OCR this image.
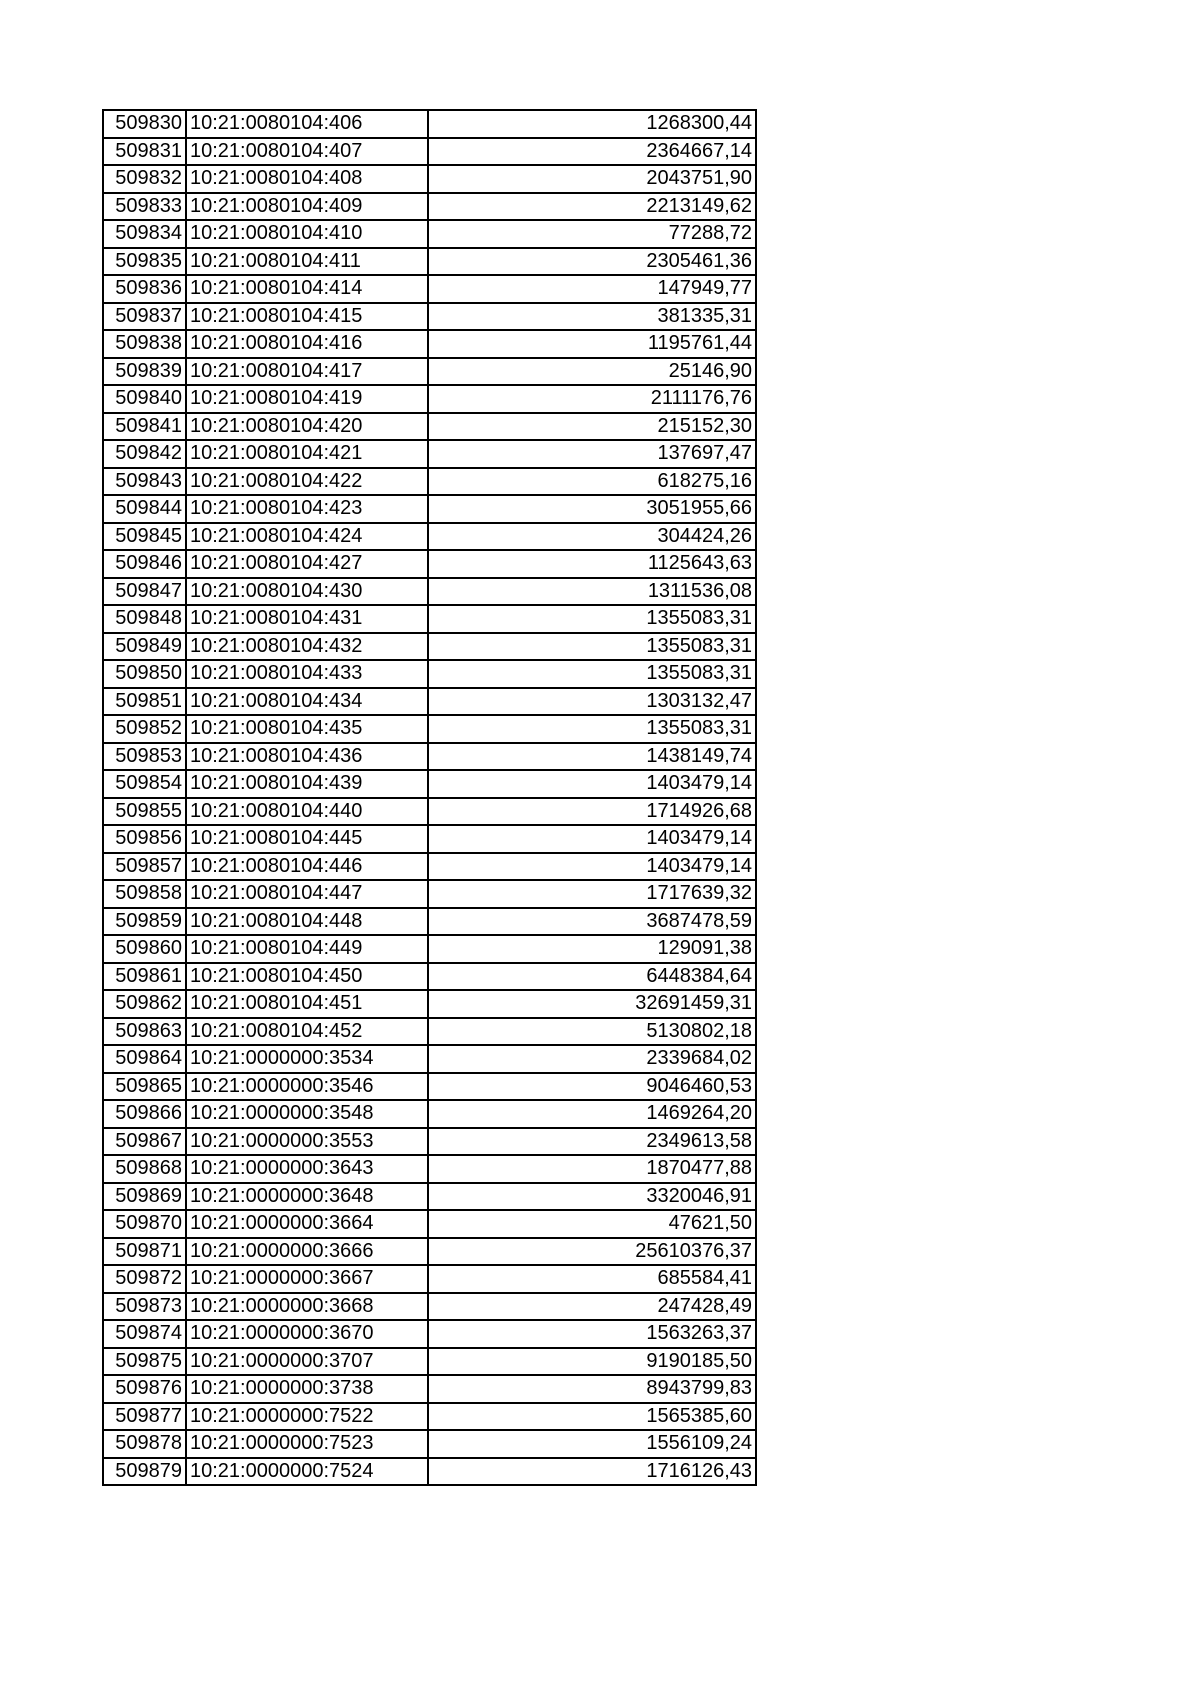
509830	10:21:0080104:406	1268300,44
509831	10:21:0080104:407	2364667,14
509832	10:21:0080104:408	2043751,90
509833	10:21:0080104:409	2213149,62
509834	10:21:0080104:410	77288,72
509835	10:21:0080104:411	2305461,36
509836	10:21:0080104:414	147949,77
509837	10:21:0080104:415	381335,31
509838	10:21:0080104:416	1195761,44
509839	10:21:0080104:417	25146,90
509840	10:21:0080104:419	2111176,76
509841	10:21:0080104:420	215152,30
509842	10:21:0080104:421	137697,47
509843	10:21:0080104:422	618275,16
509844	10:21:0080104:423	3051955,66
509845	10:21:0080104:424	304424,26
509846	10:21:0080104:427	1125643,63
509847	10:21:0080104:430	1311536,08
509848	10:21:0080104:431	1355083,31
509849	10:21:0080104:432	1355083,31
509850	10:21:0080104:433	1355083,31
509851	10:21:0080104:434	1303132,47
509852	10:21:0080104:435	1355083,31
509853	10:21:0080104:436	1438149,74
509854	10:21:0080104:439	1403479,14
509855	10:21:0080104:440	1714926,68
509856	10:21:0080104:445	1403479,14
509857	10:21:0080104:446	1403479,14
509858	10:21:0080104:447	1717639,32
509859	10:21:0080104:448	3687478,59
509860	10:21:0080104:449	129091,38
509861	10:21:0080104:450	6448384,64
509862	10:21:0080104:451	32691459,31
509863	10:21:0080104:452	5130802,18
509864	10:21:0000000:3534	2339684,02
509865	10:21:0000000:3546	9046460,53
509866	10:21:0000000:3548	1469264,20
509867	10:21:0000000:3553	2349613,58
509868	10:21:0000000:3643	1870477,88
509869	10:21:0000000:3648	3320046,91
509870	10:21:0000000:3664	47621,50
509871	10:21:0000000:3666	25610376,37
509872	10:21:0000000:3667	685584,41
509873	10:21:0000000:3668	247428,49
509874	10:21:0000000:3670	1563263,37
509875	10:21:0000000:3707	9190185,50
509876	10:21:0000000:3738	8943799,83
509877	10:21:0000000:7522	1565385,60
509878	10:21:0000000:7523	1556109,24
509879	10:21:0000000:7524	1716126,43
